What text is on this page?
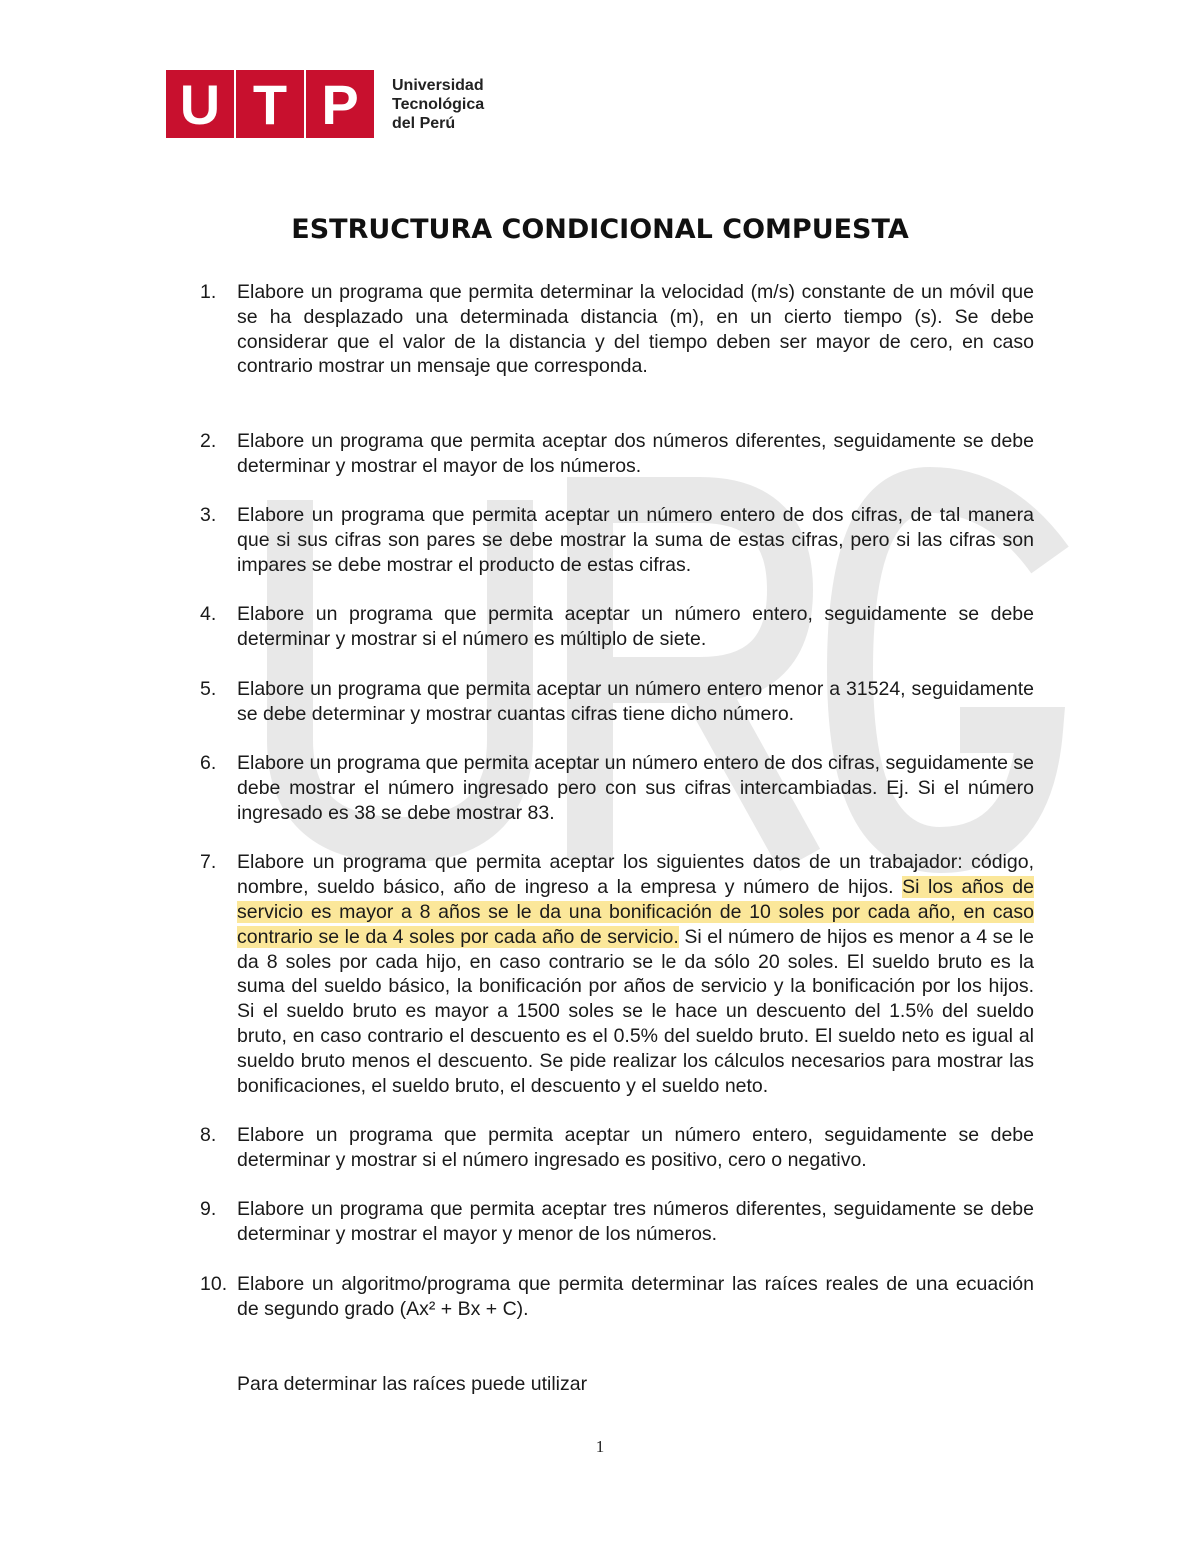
U T P	Universidad
Tecnológica
del Perú
ESTRUCTURA CONDICIONAL COMPUESTA
1. Elabore un programa que permita determinar la velocidad (m/s) constante de un móvil que se ha desplazado una determinada distancia (m), en un cierto tiempo (s). Se debe considerar que el valor de la distancia y del tiempo deben ser mayor de cero, en caso contrario mostrar un mensaje que corresponda.
2. Elabore un programa que permita aceptar dos números diferentes, seguidamente se debe determinar y mostrar el mayor de los números.
3. Elabore un programa que permita aceptar un número entero de dos cifras, de tal manera que si sus cifras son pares se debe mostrar la suma de estas cifras, pero si las cifras son impares se debe mostrar el producto de estas cifras.
4. Elabore un programa que permita aceptar un número entero, seguidamente se debe determinar y mostrar si el número es múltiplo de siete.
5. Elabore un programa que permita aceptar un número entero menor a 31524, seguidamente se debe determinar y mostrar cuantas cifras tiene dicho número.
6. Elabore un programa que permita aceptar un número entero de dos cifras, seguidamente se debe mostrar el número ingresado pero con sus cifras intercambiadas. Ej. Si el número ingresado es 38 se debe mostrar 83.
7. Elabore un programa que permita aceptar los siguientes datos de un trabajador: código, nombre, sueldo básico, año de ingreso a la empresa y número de hijos. Si los años de servicio es mayor a 8 años se le da una bonificación de 10 soles por cada año, en caso contrario se le da 4 soles por cada año de servicio. Si el número de hijos es menor a 4 se le da 8 soles por cada hijo, en caso contrario se le da sólo 20 soles. El sueldo bruto es la suma del sueldo básico, la bonificación por años de servicio y la bonificación por los hijos. Si el sueldo bruto es mayor a 1500 soles se le hace un descuento del 1.5% del sueldo bruto, en caso contrario el descuento es el 0.5% del sueldo bruto. El sueldo neto es igual al sueldo bruto menos el descuento. Se pide realizar los cálculos necesarios para mostrar las bonificaciones, el sueldo bruto, el descuento y el sueldo neto.
8. Elabore un programa que permita aceptar un número entero, seguidamente se debe determinar y mostrar si el número ingresado es positivo, cero o negativo.
9. Elabore un programa que permita aceptar tres números diferentes, seguidamente se debe determinar y mostrar el mayor y menor de los números.
10. Elabore un algoritmo/programa que permita determinar las raíces reales de una ecuación de segundo grado (Ax² + Bx + C).
Para determinar las raíces puede utilizar
1
